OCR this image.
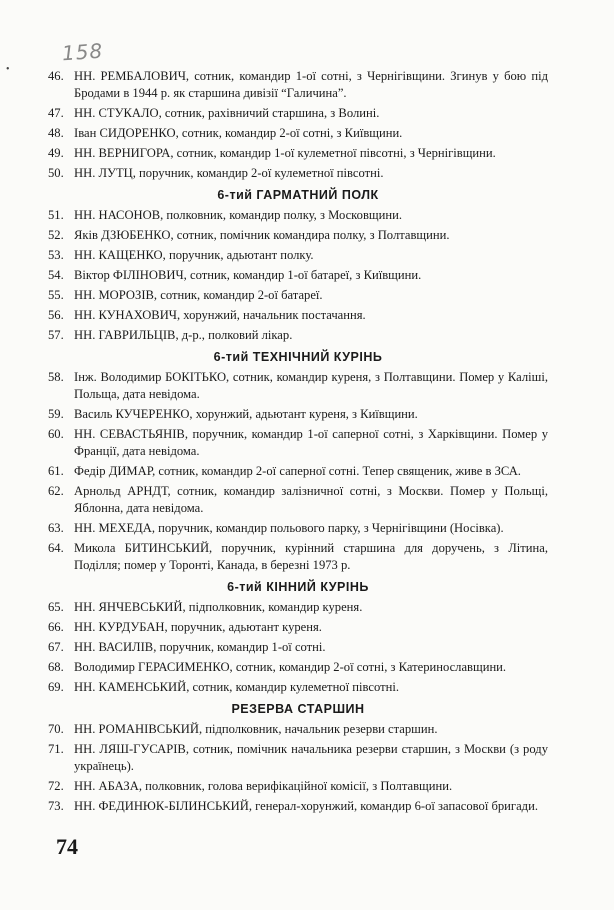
158
•	46. НН. РЕМБАЛОВИЧ, сотник, командир 1-ої сотні, з Чернігівщини. Згинув у бою під Бродами в 1944 р. як старшина дивізії “Галичина”.
47. НН. СТУКАЛО, сотник, рахівничий старшина, з Волині.
48. Іван СИДОРЕНКО, сотник, командир 2-ої сотні, з Київщини.
49. НН. ВЕРНИГОРА, сотник, командир 1-ої кулеметної півсотні, з Чернігівщини.
50. НН. ЛУТЦ, поручник, командир 2-ої кулеметної півсотні.
6-тий ГАРМАТНИЙ ПОЛК
51. НН. НАСОНОВ, полковник, командир полку, з Московщини.
52. Яків ДЗЮБЕНКО, сотник, помічник командира полку, з Полтавщини.
53. НН. КАЩЕНКО, поручник, адьютант полку.
54. Віктор ФІЛІНОВИЧ, сотник, командир 1-ої батареї, з Київщини.
55. НН. МОРОЗІВ, сотник, командир 2-ої батареї.
56. НН. КУНАХОВИЧ, хорунжий, начальник постачання.
57. НН. ГАВРИЛЬЦІВ, д-р., полковий лікар.
6-тий ТЕХНІЧНИЙ КУРІНЬ
58. Інж. Володимир БОКІТЬКО, сотник, командир куреня, з Полтавщини. Помер у Каліші, Польща, дата невідома.
59. Василь КУЧЕРЕНКО, хорунжий, адьютант куреня, з Київщини.
60. НН. СЕВАСТЬЯНІВ, поручник, командир 1-ої саперної сотні, з Харківщини. Помер у Франції, дата невідома.
61. Федір ДИМАР, сотник, командир 2-ої саперної сотні. Тепер священик, живе в ЗСА.
62. Арнольд АРНДТ, сотник, командир залізничної сотні, з Москви. Помер у Польщі, Яблонна, дата невідома.
63. НН. МЕХЕДА, поручник, командир польового парку, з Чернігівщини (Носівка).
64. Микола БИТИНСЬКИЙ, поручник, курінний старшина для доручень, з Літина, Поділля; помер у Торонті, Канада, в березні 1973 р.
6-тий КІННИЙ КУРІНЬ
65. НН. ЯНЧЕВСЬКИЙ, підполковник, командир куреня.
66. НН. КУРДУБАН, поручник, адьютант куреня.
67. НН. ВАСИЛІВ, поручник, командир 1-ої сотні.
68. Володимир ГЕРАСИМЕНКО, сотник, командир 2-ої сотні, з Катеринославщини.
69. НН. КАМЕНСЬКИЙ, сотник, командир кулеметної півсотні.
РЕЗЕРВА СТАРШИН
70. НН. РОМАНІВСЬКИЙ, підполковник, начальник резерви старшин.
71. НН. ЛЯШ-ГУСАРІВ, сотник, помічник начальника резерви старшин, з Москви (з роду українець).
72. НН. АБАЗА, полковник, голова верифікаційної комісії, з Полтавщини.
73. НН. ФЕДИНЮК-БІЛИНСЬКИЙ, генерал-хорунжий, командир 6-ої запасової бригади.
74
